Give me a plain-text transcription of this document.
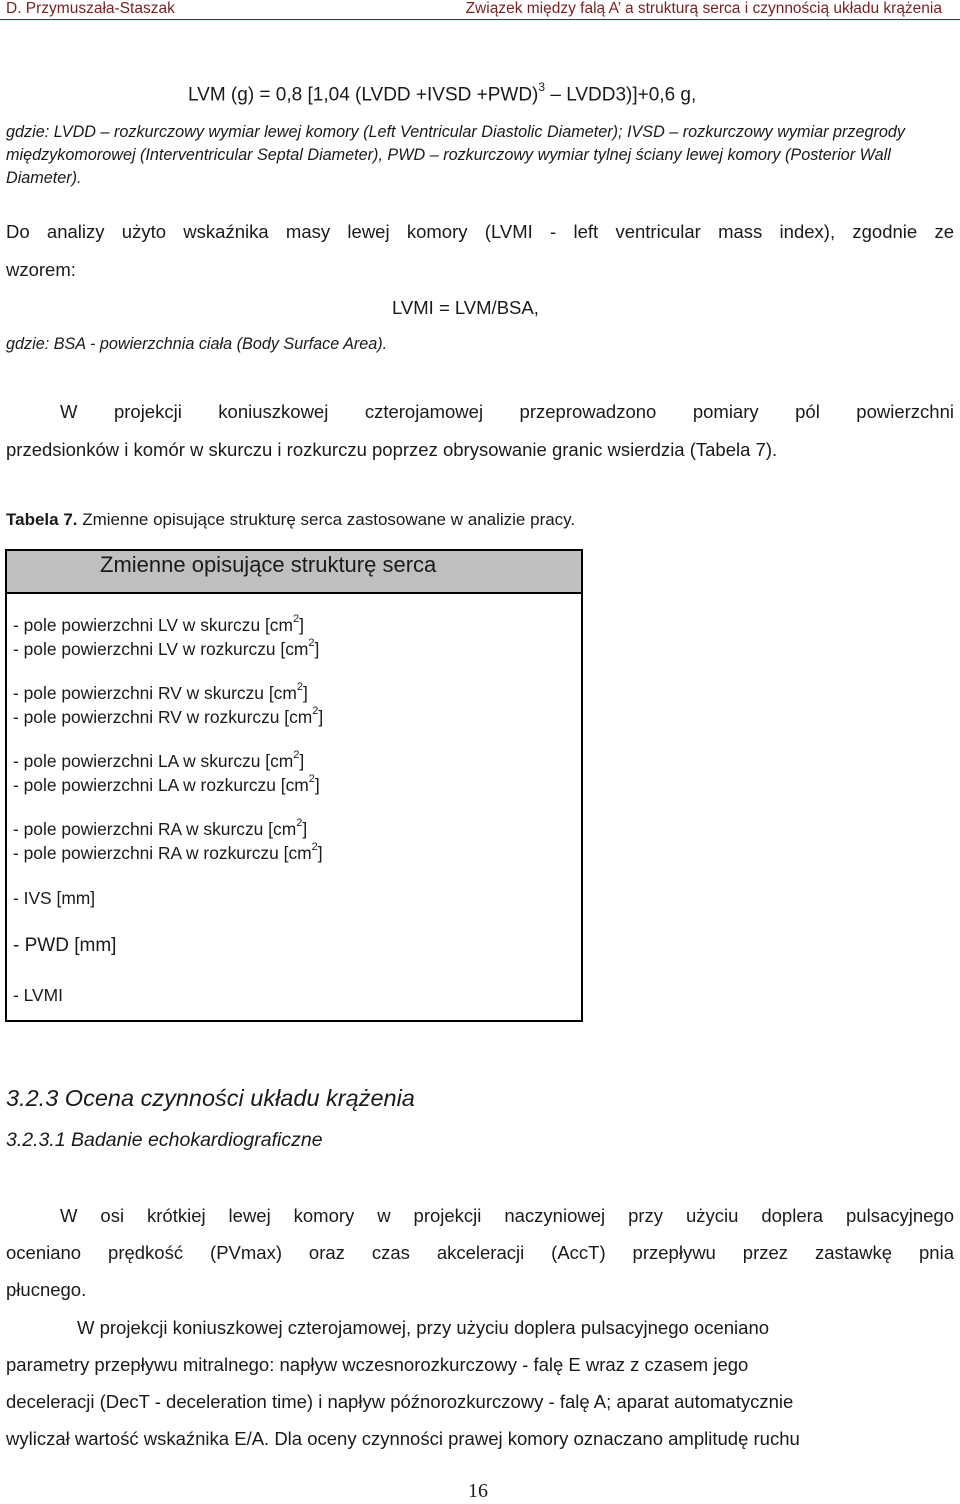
D. Przymuszała-Staszak	Związek między falą A’ a strukturą serca i czynnością układu krążenia

LVM (g) = 0,8 [1,04 (LVDD +IVSD +PWD)$^3$ – LVDD3)]+0,6 g,

gdzie: LVDD – rozkurczowy wymiar lewej komory (Left Ventricular Diastolic Diameter); IVSD – rozkurczowy wymiar przegrody międzykomorowej (Interventricular Septal Diameter), PWD – rozkurczowy wymiar tylnej ściany lewej komory (Posterior Wall Diameter).

Do analizy użyto wskaźnika masy lewej komory (LVMI - left ventricular mass index), zgodnie ze

wzorem:

LVMI = LVM/BSA,

gdzie: BSA - powierzchnia ciała (Body Surface Area).

W projekcji koniuszkowej czterojamowej przeprowadzono pomiary pól powierzchni

przedsionków i komór w skurczu i rozkurczu poprzez obrysowanie granic wsierdzia (Tabela 7).

Tabela 7. Zmienne opisujące strukturę serca zastosowane w analizie pracy.

Zmienne opisujące strukturę serca
- pole powierzchni LV w skurczu $[cm^2]$
- pole powierzchni LV w rozkurczu $[cm^2]$
- pole powierzchni RV w skurczu $[cm^2]$
- pole powierzchni RV w rozkurczu $[cm^2]$
- pole powierzchni LA w skurczu $[cm^2]$
- pole powierzchni LA w rozkurczu $[cm^2]$
- pole powierzchni RA w skurczu $[cm^2]$
- pole powierzchni RA w rozkurczu $[cm^2]$
- IVS [mm]
- PWD [mm]
- LVMI
3.2.3 Ocena czynności układu krążenia
3.2.3.1 Badanie echokardiograficzne

W osi krótkiej lewej komory w projekcji naczyniowej przy użyciu doplera pulsacyjnego

oceniano prędkość (PVmax) oraz czas akceleracji (AccT) przepływu przez zastawkę pnia

płucnego.

W projekcji koniuszkowej czterojamowej, przy użyciu doplera pulsacyjnego oceniano

parametry przepływu mitralnego: napływ wczesnorozkurczowy - falę E wraz z czasem jego

deceleracji (DecT - deceleration time) i napływ późnorozkurczowy - falę A; aparat automatycznie

wyliczał wartość wskaźnika E/A. Dla oceny czynności prawej komory oznaczano amplitudę ruchu

16
